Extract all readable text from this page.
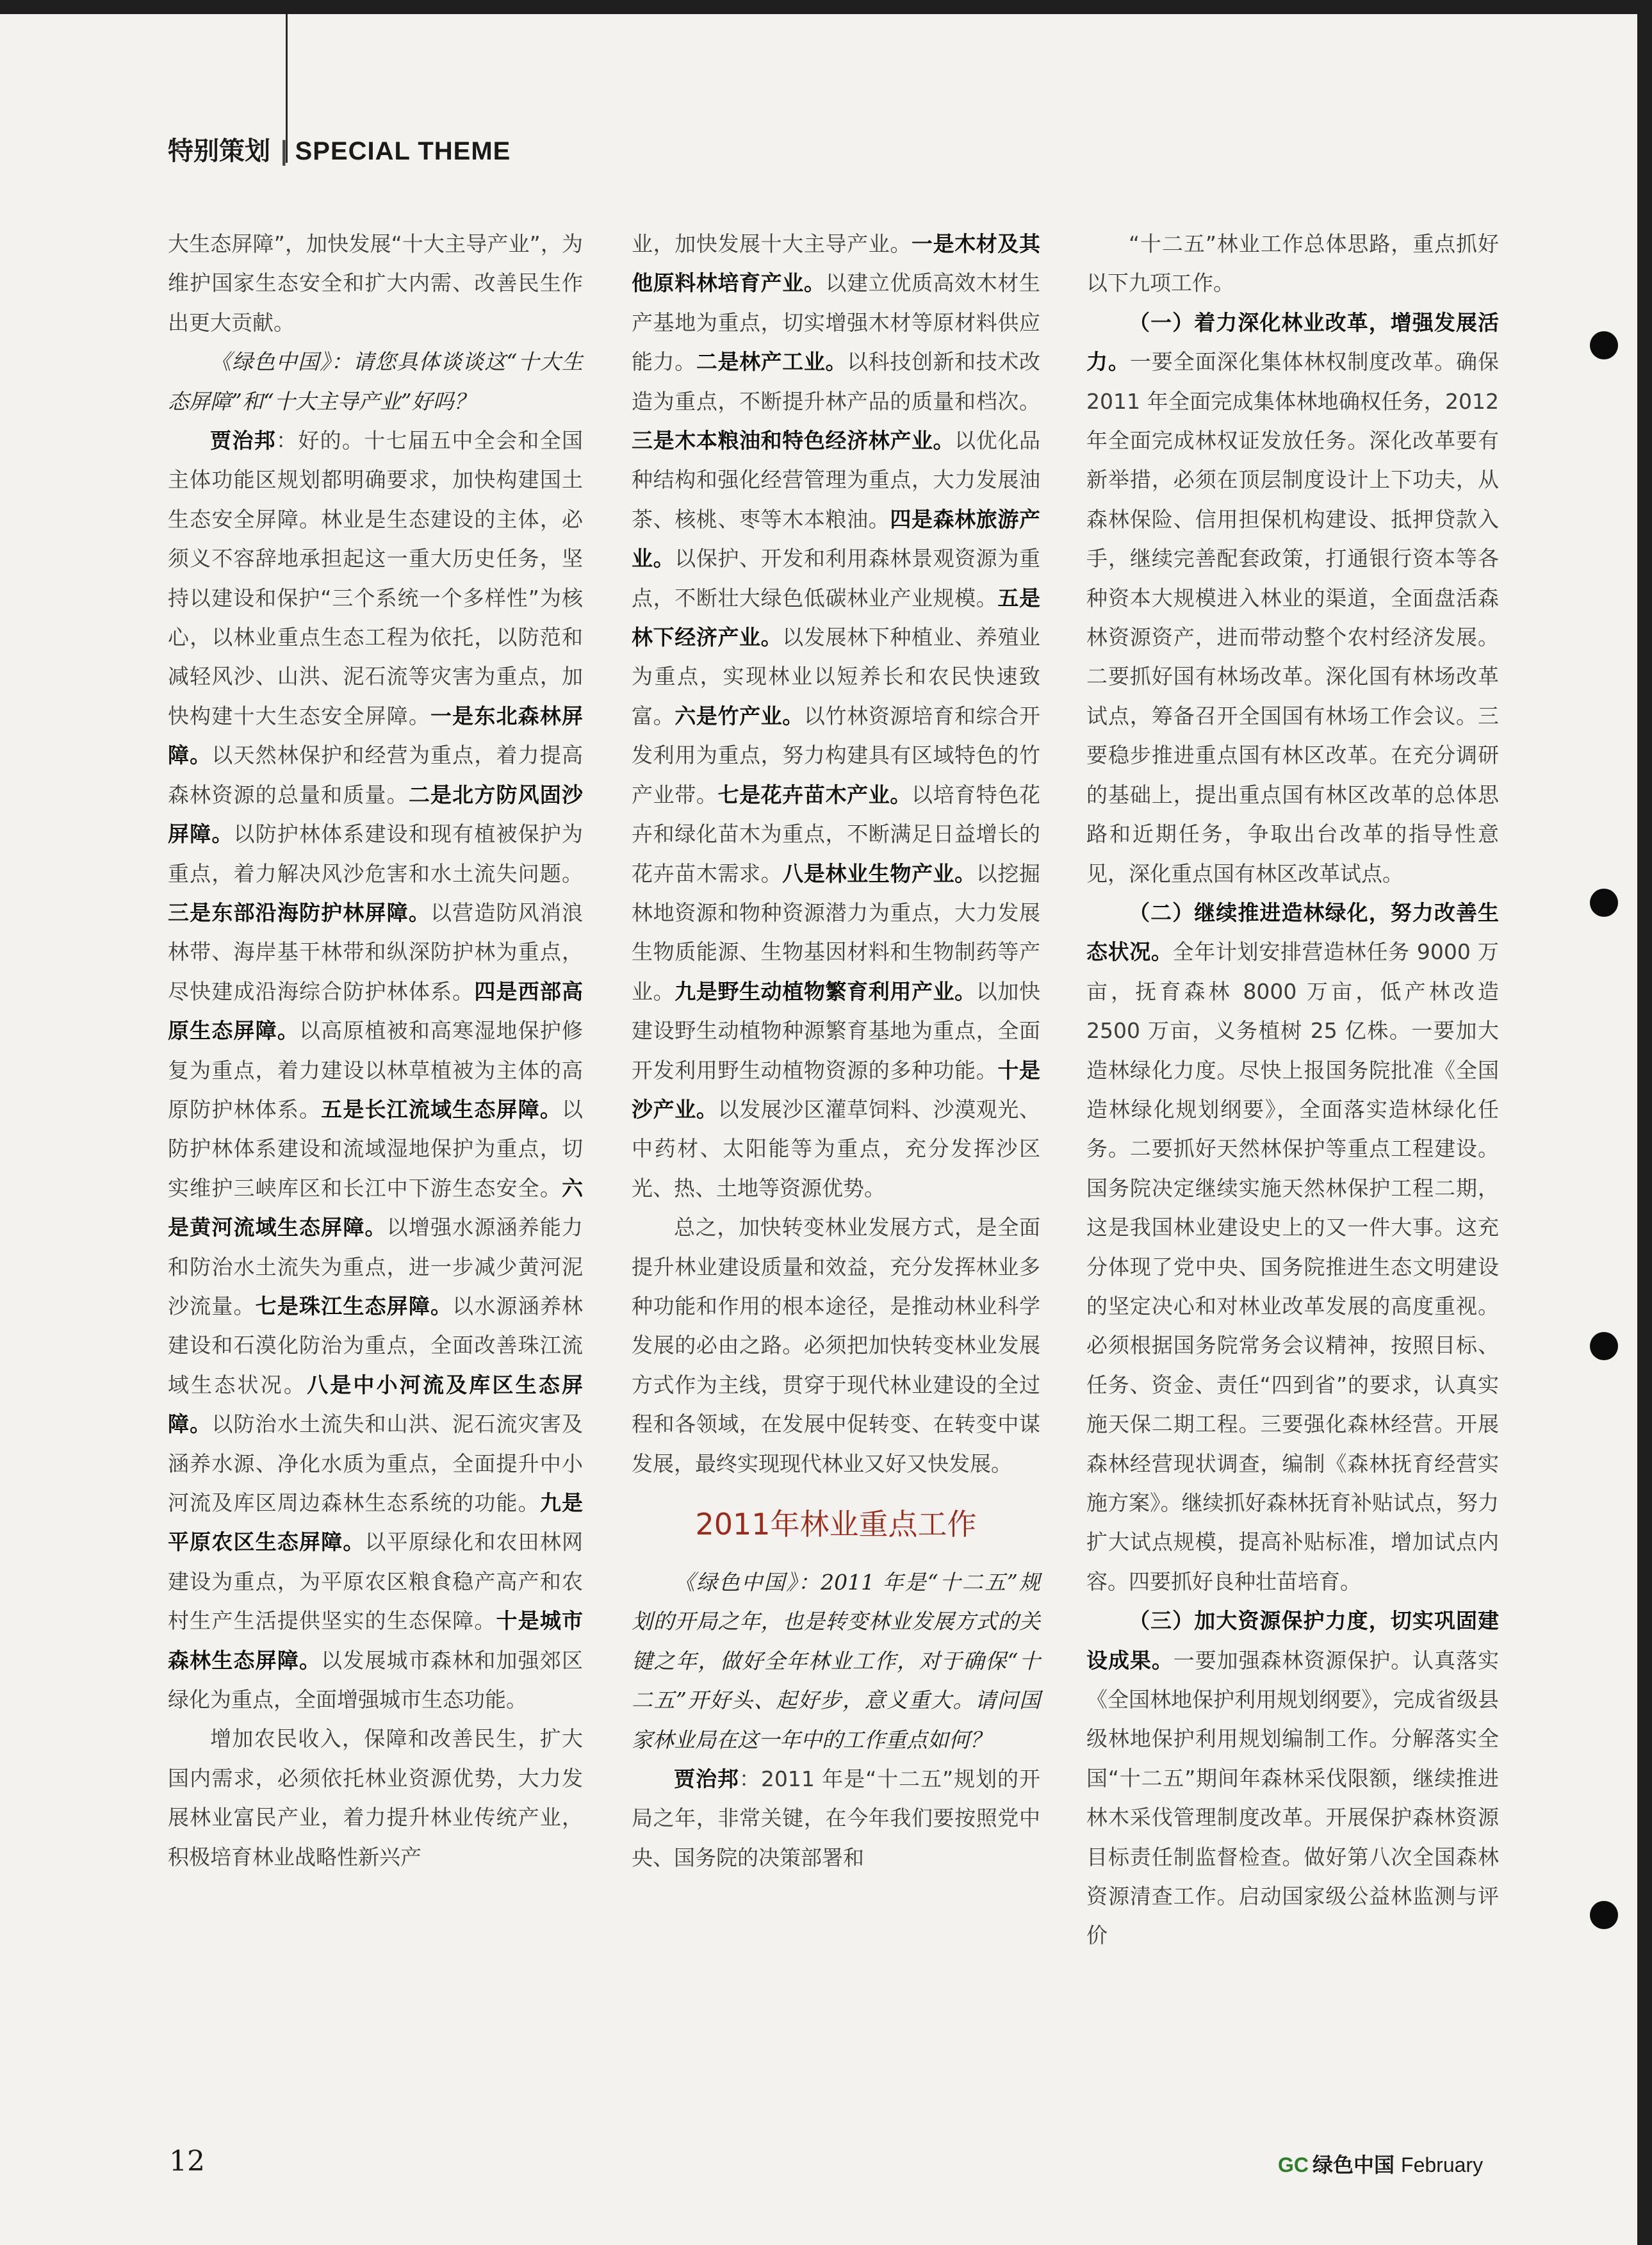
特别策划 | SPECIAL THEME

大生态屏障”，加快发展“十大主导产业”，为维护国家生态安全和扩大内需、改善民生作出更大贡献。

《绿色中国》：请您具体谈谈这“十大生态屏障”和“十大主导产业”好吗？

贾治邦：好的。十七届五中全会和全国主体功能区规划都明确要求，加快构建国土生态安全屏障。林业是生态建设的主体，必须义不容辞地承担起这一重大历史任务，坚持以建设和保护“三个系统一个多样性”为核心，以林业重点生态工程为依托，以防范和减轻风沙、山洪、泥石流等灾害为重点，加快构建十大生态安全屏障。一是东北森林屏障。以天然林保护和经营为重点，着力提高森林资源的总量和质量。二是北方防风固沙屏障。以防护林体系建设和现有植被保护为重点，着力解决风沙危害和水土流失问题。三是东部沿海防护林屏障。以营造防风消浪林带、海岸基干林带和纵深防护林为重点，尽快建成沿海综合防护林体系。四是西部高原生态屏障。以高原植被和高寒湿地保护修复为重点，着力建设以林草植被为主体的高原防护林体系。五是长江流域生态屏障。以防护林体系建设和流域湿地保护为重点，切实维护三峡库区和长江中下游生态安全。六是黄河流域生态屏障。以增强水源涵养能力和防治水土流失为重点，进一步减少黄河泥沙流量。七是珠江生态屏障。以水源涵养林建设和石漠化防治为重点，全面改善珠江流域生态状况。八是中小河流及库区生态屏障。以防治水土流失和山洪、泥石流灾害及涵养水源、净化水质为重点，全面提升中小河流及库区周边森林生态系统的功能。九是平原农区生态屏障。以平原绿化和农田林网建设为重点，为平原农区粮食稳产高产和农村生产生活提供坚实的生态保障。十是城市森林生态屏障。以发展城市森林和加强郊区绿化为重点，全面增强城市生态功能。

增加农民收入，保障和改善民生，扩大国内需求，必须依托林业资源优势，大力发展林业富民产业，着力提升林业传统产业，积极培育林业战略性新兴产

业，加快发展十大主导产业。一是木材及其他原料林培育产业。以建立优质高效木材生产基地为重点，切实增强木材等原材料供应能力。二是林产工业。以科技创新和技术改造为重点，不断提升林产品的质量和档次。三是木本粮油和特色经济林产业。以优化品种结构和强化经营管理为重点，大力发展油茶、核桃、枣等木本粮油。四是森林旅游产业。以保护、开发和利用森林景观资源为重点，不断壮大绿色低碳林业产业规模。五是林下经济产业。以发展林下种植业、养殖业为重点，实现林业以短养长和农民快速致富。六是竹产业。以竹林资源培育和综合开发利用为重点，努力构建具有区域特色的竹产业带。七是花卉苗木产业。以培育特色花卉和绿化苗木为重点，不断满足日益增长的花卉苗木需求。八是林业生物产业。以挖掘林地资源和物种资源潜力为重点，大力发展生物质能源、生物基因材料和生物制药等产业。九是野生动植物繁育利用产业。以加快建设野生动植物种源繁育基地为重点，全面开发利用野生动植物资源的多种功能。十是沙产业。以发展沙区灌草饲料、沙漠观光、中药材、太阳能等为重点，充分发挥沙区光、热、土地等资源优势。

总之，加快转变林业发展方式，是全面提升林业建设质量和效益，充分发挥林业多种功能和作用的根本途径，是推动林业科学发展的必由之路。必须把加快转变林业发展方式作为主线，贯穿于现代林业建设的全过程和各领域，在发展中促转变、在转变中谋发展，最终实现现代林业又好又快发展。

2011年林业重点工作

《绿色中国》：2011 年是“十二五”规划的开局之年，也是转变林业发展方式的关键之年，做好全年林业工作，对于确保“十二五”开好头、起好步，意义重大。请问国家林业局在这一年中的工作重点如何？

贾治邦：2011 年是“十二五”规划的开局之年，非常关键，在今年我们要按照党中央、国务院的决策部署和

“十二五”林业工作总体思路，重点抓好以下九项工作。

（一）着力深化林业改革，增强发展活力。一要全面深化集体林权制度改革。确保 2011 年全面完成集体林地确权任务，2012 年全面完成林权证发放任务。深化改革要有新举措，必须在顶层制度设计上下功夫，从森林保险、信用担保机构建设、抵押贷款入手，继续完善配套政策，打通银行资本等各种资本大规模进入林业的渠道，全面盘活森林资源资产，进而带动整个农村经济发展。二要抓好国有林场改革。深化国有林场改革试点，筹备召开全国国有林场工作会议。三要稳步推进重点国有林区改革。在充分调研的基础上，提出重点国有林区改革的总体思路和近期任务，争取出台改革的指导性意见，深化重点国有林区改革试点。

（二）继续推进造林绿化，努力改善生态状况。全年计划安排营造林任务 9000 万亩，抚育森林 8000 万亩，低产林改造 2500 万亩，义务植树 25 亿株。一要加大造林绿化力度。尽快上报国务院批准《全国造林绿化规划纲要》，全面落实造林绿化任务。二要抓好天然林保护等重点工程建设。国务院决定继续实施天然林保护工程二期，这是我国林业建设史上的又一件大事。这充分体现了党中央、国务院推进生态文明建设的坚定决心和对林业改革发展的高度重视。必须根据国务院常务会议精神，按照目标、任务、资金、责任“四到省”的要求，认真实施天保二期工程。三要强化森林经营。开展森林经营现状调查，编制《森林抚育经营实施方案》。继续抓好森林抚育补贴试点，努力扩大试点规模，提高补贴标准，增加试点内容。四要抓好良种壮苗培育。

（三）加大资源保护力度，切实巩固建设成果。一要加强森林资源保护。认真落实《全国林地保护利用规划纲要》，完成省级县级林地保护利用规划编制工作。分解落实全国“十二五”期间年森林采伐限额，继续推进林木采伐管理制度改革。开展保护森林资源目标责任制监督检查。做好第八次全国森林资源清查工作。启动国家级公益林监测与评价

12	GC 绿色中国 February
